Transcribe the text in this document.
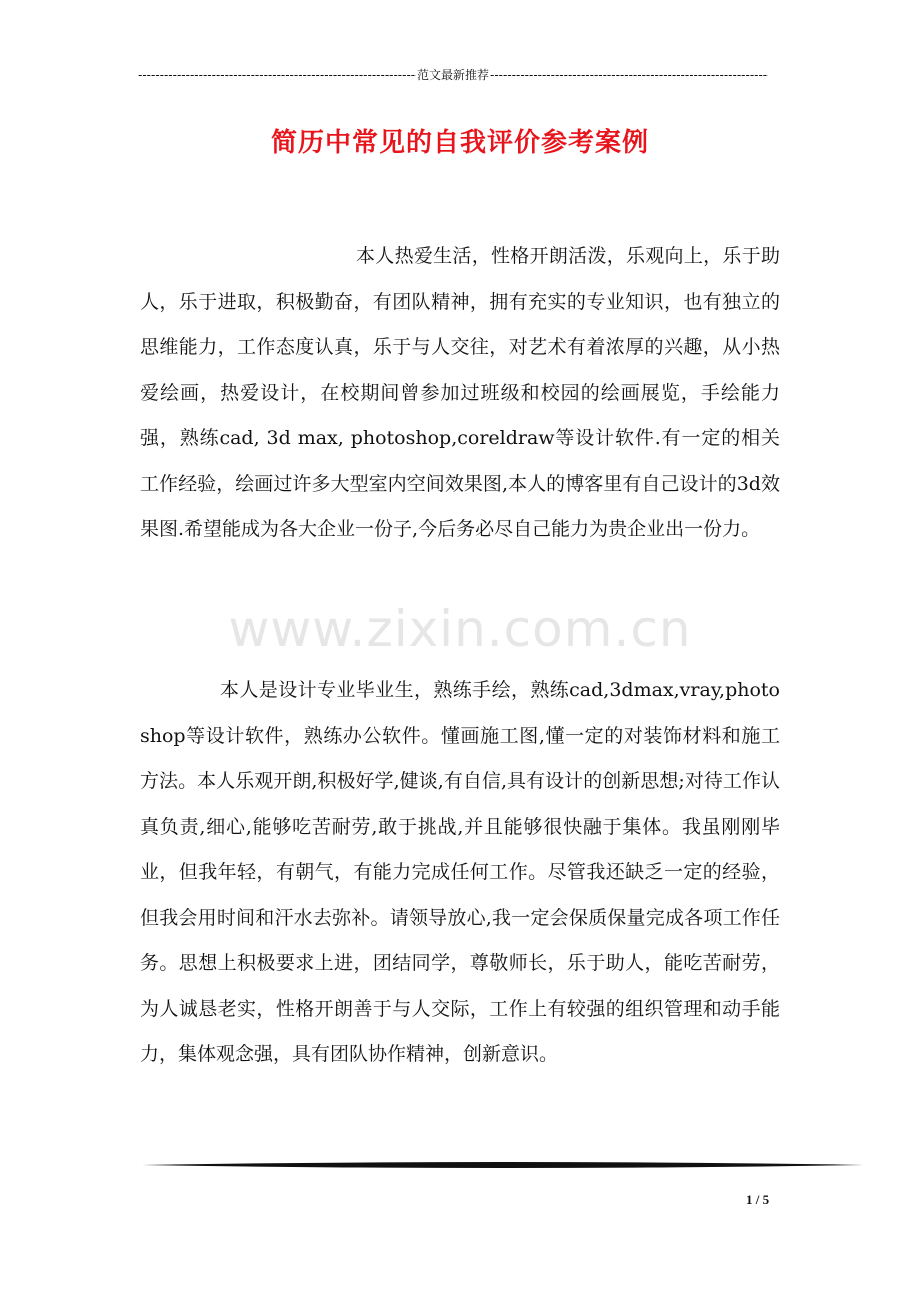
-----
范文最新推荐
-----
简历中常见的自我评价参考案例
本人热爱生活，性格开朗活泼，乐观向上，乐于助人，乐于进取，积极勤奋，有团队精神，拥有充实的专业知识，也有独立的思维能力，工作态度认真，乐于与人交往，对艺术有着浓厚的兴趣，从小热爱绘画，热爱设计，在校期间曾参加过班级和校园的绘画展览，手绘能力强，熟练cad, 3d max, photoshop,coreldraw等设计软件.有一定的相关工作经验，绘画过许多大型室内空间效果图,本人的博客里有自己设计的3d效果图.希望能成为各大企业一份子,今后务必尽自己能力为贵企业出一份力。
www.zixin.com.cn
本人是设计专业毕业生，熟练手绘，熟练cad,3dmax,vray,photoshop等设计软件，熟练办公软件。懂画施工图,懂一定的对装饰材料和施工方法。本人乐观开朗,积极好学,健谈,有自信,具有设计的创新思想;对待工作认真负责,细心,能够吃苦耐劳,敢于挑战,并且能够很快融于集体。我虽刚刚毕业，但我年轻，有朝气，有能力完成任何工作。尽管我还缺乏一定的经验，但我会用时间和汗水去弥补。请领导放心,我一定会保质保量完成各项工作任务。思想上积极要求上进，团结同学，尊敬师长，乐于助人，能吃苦耐劳，为人诚恳老实，性格开朗善于与人交际，工作上有较强的组织管理和动手能力，集体观念强，具有团队协作精神，创新意识。
1 / 5
